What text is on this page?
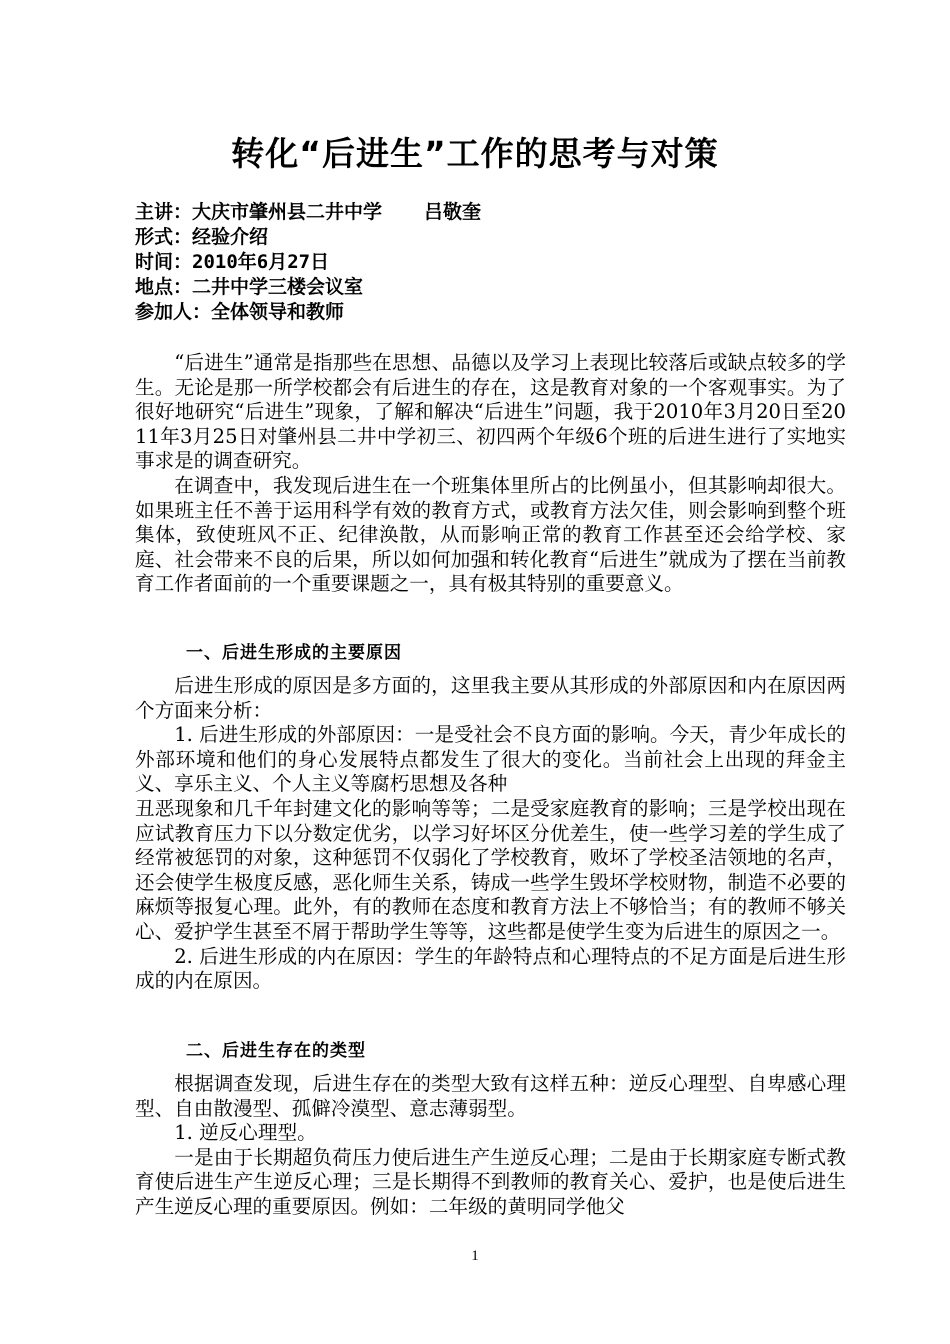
转化“后进生”工作的思考与对策
主讲：大庆市肇州县二井中学 吕敬奎
形式：经验介绍
时间：2010年6月27日
地点：二井中学三楼会议室
参加人：全体领导和教师

“后进生”通常是指那些在思想、品德以及学习上表现比较落后或缺点较多的学生。无论是那一所学校都会有后进生的存在，这是教育对象的一个客观事实。为了很好地研究“后进生”现象，了解和解决“后进生”问题，我于2010年3月20日至2011年3月25日对肇州县二井中学初三、初四两个年级6个班的后进生进行了实地实事求是的调查研究。

在调查中，我发现后进生在一个班集体里所占的比例虽小，但其影响却很大。如果班主任不善于运用科学有效的教育方式，或教育方法欠佳，则会影响到整个班集体，致使班风不正、纪律涣散，从而影响正常的教育工作甚至还会给学校、家庭、社会带来不良的后果，所以如何加强和转化教育“后进生”就成为了摆在当前教育工作者面前的一个重要课题之一，具有极其特别的重要意义。

一、后进生形成的主要原因

后进生形成的原因是多方面的，这里我主要从其形成的外部原因和内在原因两个方面来分析：

1. 后进生形成的外部原因：一是受社会不良方面的影响。今天，青少年成长的外部环境和他们的身心发展特点都发生了很大的变化。当前社会上出现的拜金主义、享乐主义、个人主义等腐朽思想及各种

丑恶现象和几千年封建文化的影响等等；二是受家庭教育的影响；三是学校出现在应试教育压力下以分数定优劣，以学习好坏区分优差生，使一些学习差的学生成了经常被惩罚的对象，这种惩罚不仅弱化了学校教育，败坏了学校圣洁领地的名声，还会使学生极度反感，恶化师生关系，铸成一些学生毁坏学校财物，制造不必要的麻烦等报复心理。此外，有的教师在态度和教育方法上不够恰当；有的教师不够关心、爱护学生甚至不屑于帮助学生等等，这些都是使学生变为后进生的原因之一。

2. 后进生形成的内在原因：学生的年龄特点和心理特点的不足方面是后进生形成的内在原因。

二、后进生存在的类型

根据调查发现，后进生存在的类型大致有这样五种：逆反心理型、自卑感心理型、自由散漫型、孤僻冷漠型、意志薄弱型。

1. 逆反心理型。

一是由于长期超负荷压力使后进生产生逆反心理；二是由于长期家庭专断式教育使后进生产生逆反心理；三是长期得不到教师的教育关心、爱护，也是使后进生产生逆反心理的重要原因。例如：二年级的黄明同学他父

1
